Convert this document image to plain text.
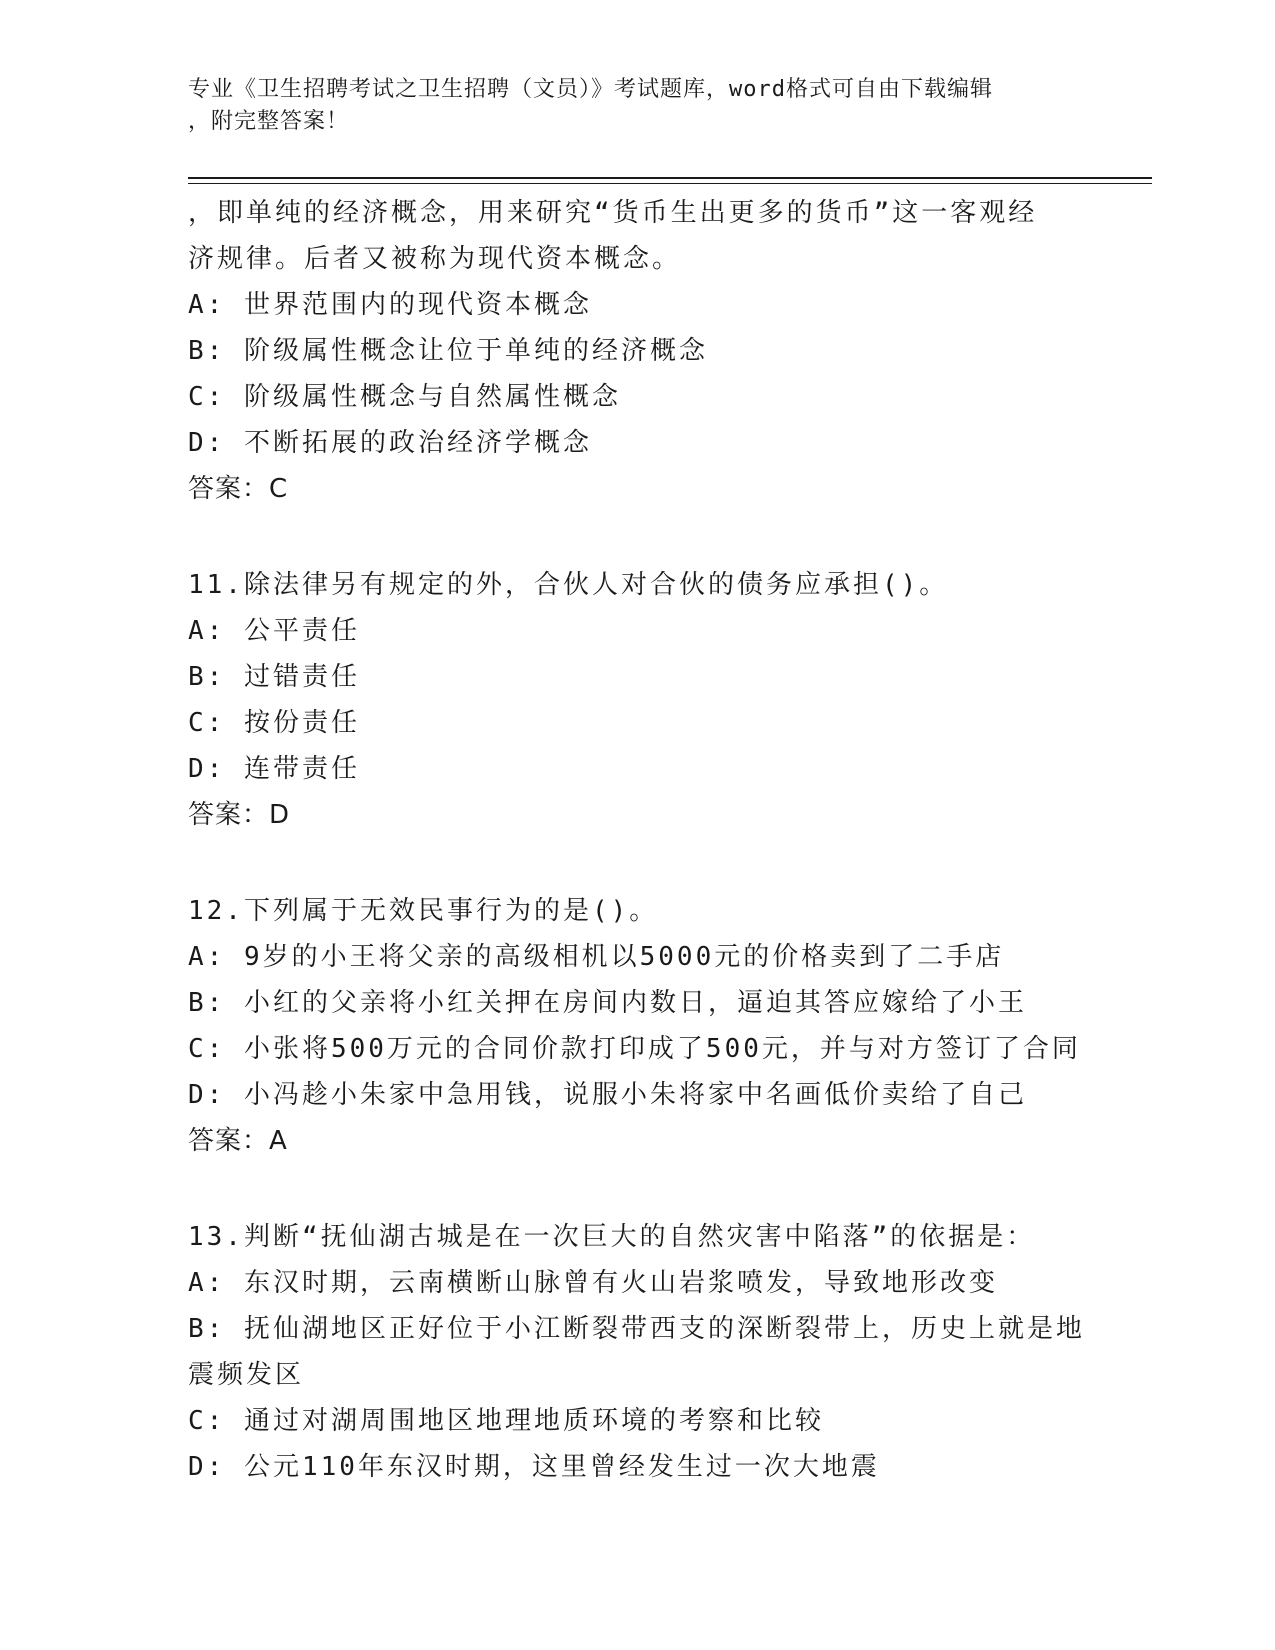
专业《卫生招聘考试之卫生招聘（文员）》考试题库，word格式可自由下载编辑
，附完整答案！
，即单纯的经济概念，用来研究“货币生出更多的货币”这一客观经
济规律。后者又被称为现代资本概念。
A: 世界范围内的现代资本概念
B: 阶级属性概念让位于单纯的经济概念
C: 阶级属性概念与自然属性概念
D: 不断拓展的政治经济学概念
答案：C
11.除法律另有规定的外，合伙人对合伙的债务应承担()。
A: 公平责任
B: 过错责任
C: 按份责任
D: 连带责任
答案：D
12.下列属于无效民事行为的是()。
A: 9岁的小王将父亲的高级相机以5000元的价格卖到了二手店
B: 小红的父亲将小红关押在房间内数日，逼迫其答应嫁给了小王
C: 小张将500万元的合同价款打印成了500元，并与对方签订了合同
D: 小冯趁小朱家中急用钱，说服小朱将家中名画低价卖给了自己
答案：A
13.判断“抚仙湖古城是在一次巨大的自然灾害中陷落”的依据是：
A: 东汉时期，云南横断山脉曾有火山岩浆喷发，导致地形改变
B: 抚仙湖地区正好位于小江断裂带西支的深断裂带上，历史上就是地
震频发区
C: 通过对湖周围地区地理地质环境的考察和比较
D: 公元110年东汉时期，这里曾经发生过一次大地震
